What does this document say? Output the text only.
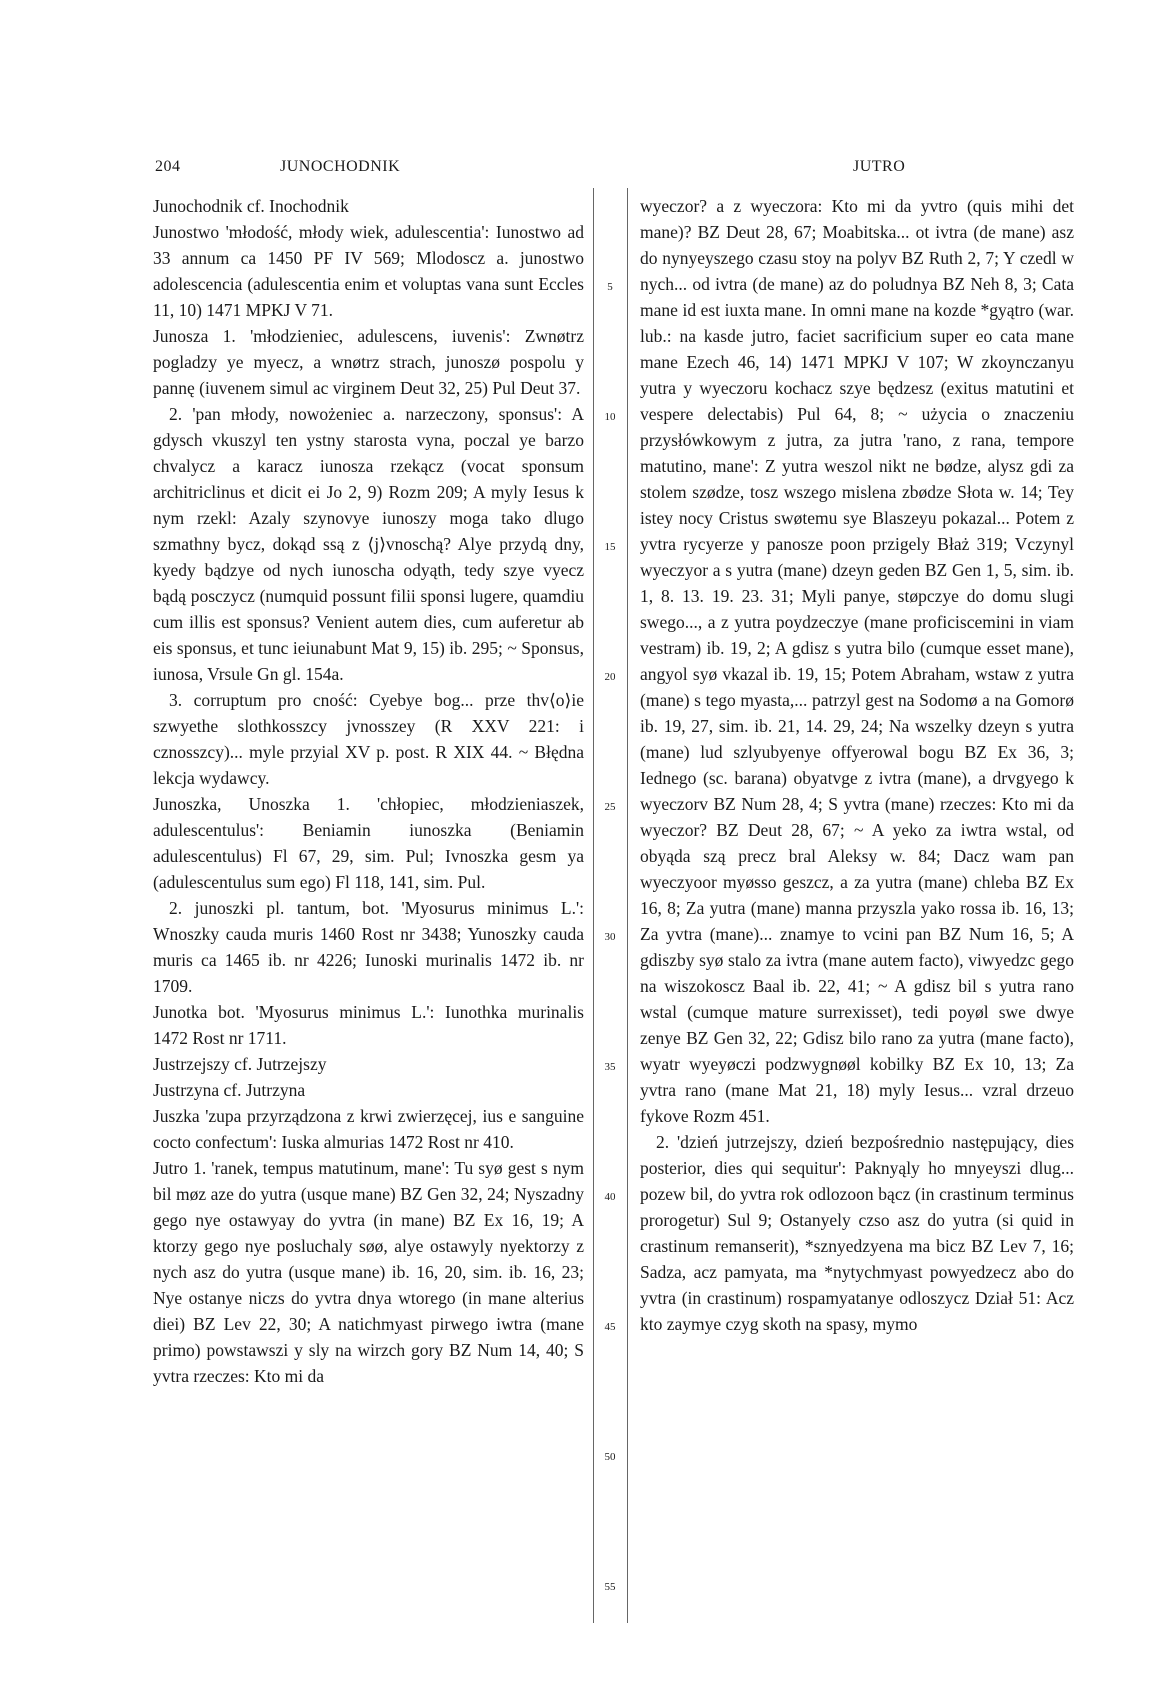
204	JUNOCHODNIK	JUTRO

Junochodnik cf. Inochodnik

Junostwo 'młodość, młody wiek, adulescentia': Iunostwo ad 33 annum ca 1450 PF IV 569; Mlodoscz a. junostwo adolescencia (adulescentia enim et voluptas vana sunt Eccles 11, 10) 1471 MPKJ V 71.

Junosza 1. 'młodzieniec, adulescens, iuvenis': Zwnøtrz pogladzy ye myecz, a wnøtrz strach, junoszø pospolu y pannę (iuvenem simul ac virginem Deut 32, 25) Pul Deut 37.

2. 'pan młody, nowożeniec a. narzeczony, sponsus': A gdysch vkuszyl ten ystny starosta vyna, poczal ye barzo chvalycz a karacz iunosza rzekącz (vocat sponsum architriclinus et dicit ei Jo 2, 9) Rozm 209; A myly Iesus k nym rzekl: Azaly szynovye iunoszy moga tako dlugo szmathny bycz, dokąd ssą z ⟨j⟩vnoschą? Alye przydą dny, kyedy bądzye od nych iunoscha odyąth, tedy szye vyecz bądą posczycz (numquid possunt filii sponsi lugere, quamdiu cum illis est sponsus? Venient autem dies, cum auferetur ab eis sponsus, et tunc ieiunabunt Mat 9, 15) ib. 295; ~ Sponsus, iunosa, Vrsule Gn gl. 154a.

3. corruptum pro cność: Cyebye bog... prze thv⟨o⟩ie szwyethe slothkosszcy jvnosszey (R XXV 221: i cznosszcy)... myle przyial XV p. post. R XIX 44. ~ Błędna lekcja wydawcy.

Junoszka, Unoszka 1. 'chłopiec, młodzieniaszek, adulescentulus': Beniamin iunoszka (Beniamin adulescentulus) Fl 67, 29, sim. Pul; Ivnoszka gesm ya (adulescentulus sum ego) Fl 118, 141, sim. Pul.

2. junoszki pl. tantum, bot. 'Myosurus minimus L.': Wnoszky cauda muris 1460 Rost nr 3438; Yunoszky cauda muris ca 1465 ib. nr 4226; Iunoski murinalis 1472 ib. nr 1709.

Junotka bot. 'Myosurus minimus L.': Iunothka murinalis 1472 Rost nr 1711.

Justrzejszy cf. Jutrzejszy

Justrzyna cf. Jutrzyna

Juszka 'zupa przyrządzona z krwi zwierzęcej, ius e sanguine cocto confectum': Iuska almurias 1472 Rost nr 410.

Jutro 1. 'ranek, tempus matutinum, mane': Tu syø gest s nym bil møz aze do yutra (usque mane) BZ Gen 32, 24; Nyszadny gego nye ostawyay do yvtra (in mane) BZ Ex 16, 19; A ktorzy gego nye posluchaly søø, alye ostawyly nyektorzy z nych asz do yutra (usque mane) ib. 16, 20, sim. ib. 16, 23; Nye ostanye niczs do yvtra dnya wtorego (in mane alterius diei) BZ Lev 22, 30; A natichmyast pirwego iwtra (mane primo) powstawszi y sly na wirzch gory BZ Num 14, 40; S yvtra rzeczes: Kto mi da

5
10
15
20
25
30
35
40
45
50
55

wyeczor? a z wyeczora: Kto mi da yvtro (quis mihi det mane)? BZ Deut 28, 67; Moabitska... ot ivtra (de mane) asz do nynyeyszego czasu stoy na polyv BZ Ruth 2, 7; Y czedl w nych... od ivtra (de mane) az do poludnya BZ Neh 8, 3; Cata mane id est iuxta mane. In omni mane na kozde *gyątro (war. lub.: na kasde jutro, faciet sacrificium super eo cata mane mane Ezech 46, 14) 1471 MPKJ V 107; W zkoynczanyu yutra y wyeczoru kochacz szye będzesz (exitus matutini et vespere delectabis) Pul 64, 8; ~ użycia o znaczeniu przysłówkowym z jutra, za jutra 'rano, z rana, tempore matutino, mane': Z yutra weszol nikt ne bødze, alysz gdi za stolem szødze, tosz wszego mislena zbødze Słota w. 14; Tey istey nocy Cristus swøtemu sye Blaszeyu pokazal... Potem z yvtra rycyerze y panosze poon przigely Błaż 319; Vczynyl wyeczyor a s yutra (mane) dzeyn geden BZ Gen 1, 5, sim. ib. 1, 8. 13. 19. 23. 31; Myli panye, støpczye do domu slugi swego..., a z yutra poydzeczye (mane proficiscemini in viam vestram) ib. 19, 2; A gdisz s yutra bilo (cumque esset mane), angyol syø vkazal ib. 19, 15; Potem Abraham, wstaw z yutra (mane) s tego myasta,... patrzyl gest na Sodomø a na Gomorø ib. 19, 27, sim. ib. 21, 14. 29, 24; Na wszelky dzeyn s yutra (mane) lud szlyubyenye offyerowal bogu BZ Ex 36, 3; Iednego (sc. barana) obyatvge z ivtra (mane), a drvgyego k wyeczorv BZ Num 28, 4; S yvtra (mane) rzeczes: Kto mi da wyeczor? BZ Deut 28, 67; ~ A yeko za iwtra wstal, od obyąda szą precz bral Aleksy w. 84; Dacz wam pan wyeczyoor myøsso geszcz, a za yutra (mane) chleba BZ Ex 16, 8; Za yutra (mane) manna przyszla yako rossa ib. 16, 13; Za yvtra (mane)... znamye to vcini pan BZ Num 16, 5; A gdiszby syø stalo za ivtra (mane autem facto), viwyedzc gego na wiszokoscz Baal ib. 22, 41; ~ A gdisz bil s yutra rano wstal (cumque mature surrexisset), tedi poyøl swe dwye zenye BZ Gen 32, 22; Gdisz bilo rano za yutra (mane facto), wyatr wyeyøczi podzwygnøøl kobilky BZ Ex 10, 13; Za yvtra rano (mane Mat 21, 18) myly Iesus... vzral drzeuo fykove Rozm 451.

2. 'dzień jutrzejszy, dzień bezpośrednio następujący, dies posterior, dies qui sequitur': Paknyąly ho mnyeyszi dlug... pozew bil, do yvtra rok odlozoon bącz (in crastinum terminus prorogetur) Sul 9; Ostanyely czso asz do yutra (si quid in crastinum remanserit), *sznyedzyena ma bicz BZ Lev 7, 16; Sadza, acz pamyata, ma *nytychmyast powyedzecz abo do yvtra (in crastinum) rospamyatanye odloszycz Dział 51: Acz kto zaymye czyg skoth na spasy, mymo
